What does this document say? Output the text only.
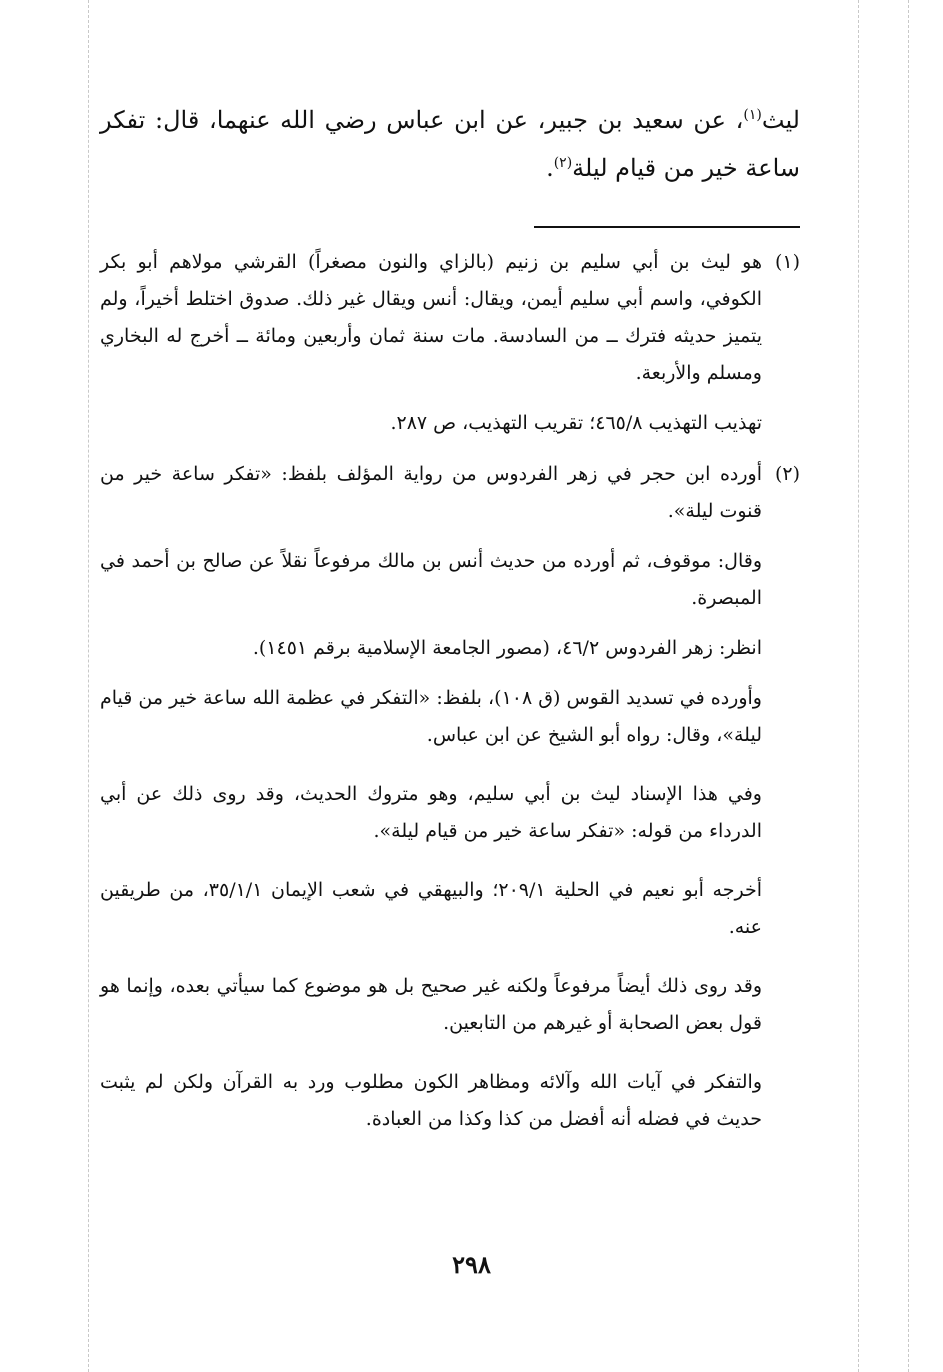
ليث$^{(١)}$، عن سعيد بن جبير، عن ابن عباس رضي الله عنهما، قال: تفكر ساعة خير من قيام ليلة$^{(٢)}$.

(١)

هو ليث بن أبي سليم بن زنيم (بالزاي والنون مصغراً) القرشي مولاهم أبو بكر الكوفي، واسم أبي سليم أيمن، ويقال: أنس ويقال غير ذلك. صدوق اختلط أخيراً، ولم يتميز حديثه فترك ــ من السادسة. مات سنة ثمان وأربعين ومائة ــ أخرج له البخاري ومسلم والأربعة.

تهذيب التهذيب ٤٦٥/٨؛ تقريب التهذيب، ص ٢٨٧.

(٢)

أورده ابن حجر في زهر الفردوس من رواية المؤلف بلفظ: «تفكر ساعة خير من قنوت ليلة».

وقال: موقوف، ثم أورده من حديث أنس بن مالك مرفوعاً نقلاً عن صالح بن أحمد في المبصرة.

انظر: زهر الفردوس ٤٦/٢، (مصور الجامعة الإسلامية برقم ١٤٥١).

وأورده في تسديد القوس (ق ١٠٨)، بلفظ: «التفكر في عظمة الله ساعة خير من قيام ليلة»، وقال: رواه أبو الشيخ عن ابن عباس.

وفي هذا الإسناد ليث بن أبي سليم، وهو متروك الحديث، وقد روى ذلك عن أبي الدرداء من قوله: «تفكر ساعة خير من قيام ليلة».

أخرجه أبو نعيم في الحلية ٢٠٩/١؛ والبيهقي في شعب الإيمان ٣٥/١/١، من طريقين عنه.

وقد روى ذلك أيضاً مرفوعاً ولكنه غير صحيح بل هو موضوع كما سيأتي بعده، وإنما هو قول بعض الصحابة أو غيرهم من التابعين.

والتفكر في آيات الله وآلائه ومظاهر الكون مطلوب ورد به القرآن ولكن لم يثبت حديث في فضله أنه أفضل من كذا وكذا من العبادة.

٢٩٨
